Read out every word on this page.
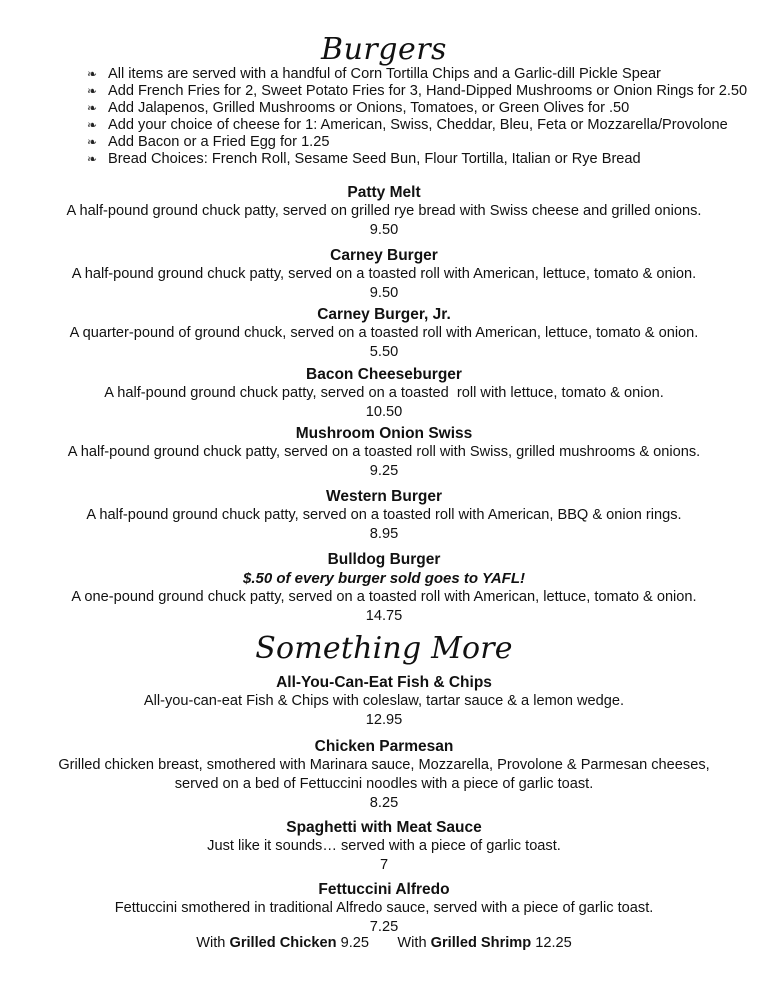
Burgers
❧ All items are served with a handful of Corn Tortilla Chips and a Garlic-dill Pickle Spear
❧ Add French Fries for 2, Sweet Potato Fries for 3, Hand-Dipped Mushrooms or Onion Rings for 2.50
❧ Add Jalapenos, Grilled Mushrooms or Onions, Tomatoes, or Green Olives for .50
❧ Add your choice of cheese for 1: American, Swiss, Cheddar, Bleu, Feta or Mozzarella/Provolone
❧ Add Bacon or a Fried Egg for 1.25
❧ Bread Choices: French Roll, Sesame Seed Bun, Flour Tortilla, Italian or Rye Bread
Patty Melt
A half-pound ground chuck patty, served on grilled rye bread with Swiss cheese and grilled onions.
9.50
Carney Burger
A half-pound ground chuck patty, served on a toasted roll with American, lettuce, tomato & onion.
9.50
Carney Burger, Jr.
A quarter-pound of ground chuck, served on a toasted roll with American, lettuce, tomato & onion.
5.50
Bacon Cheeseburger
A half-pound ground chuck patty, served on a toasted  roll with lettuce, tomato & onion.
10.50
Mushroom Onion Swiss
A half-pound ground chuck patty, served on a toasted roll with Swiss, grilled mushrooms & onions.
9.25
Western Burger
A half-pound ground chuck patty, served on a toasted roll with American, BBQ & onion rings.
8.95
Bulldog Burger
$.50 of every burger sold goes to YAFL!
A one-pound ground chuck patty, served on a toasted roll with American, lettuce, tomato & onion.
14.75
Something More
All-You-Can-Eat Fish & Chips
All-you-can-eat Fish & Chips with coleslaw, tartar sauce & a lemon wedge.
12.95
Chicken Parmesan
Grilled chicken breast, smothered with Marinara sauce, Mozzarella, Provolone & Parmesan cheeses,
served on a bed of Fettuccini noodles with a piece of garlic toast.
8.25
Spaghetti with Meat Sauce
Just like it sounds… served with a piece of garlic toast.
7
Fettuccini Alfredo
Fettuccini smothered in traditional Alfredo sauce, served with a piece of garlic toast.
7.25
With Grilled Chicken 9.25 With Grilled Shrimp 12.25
